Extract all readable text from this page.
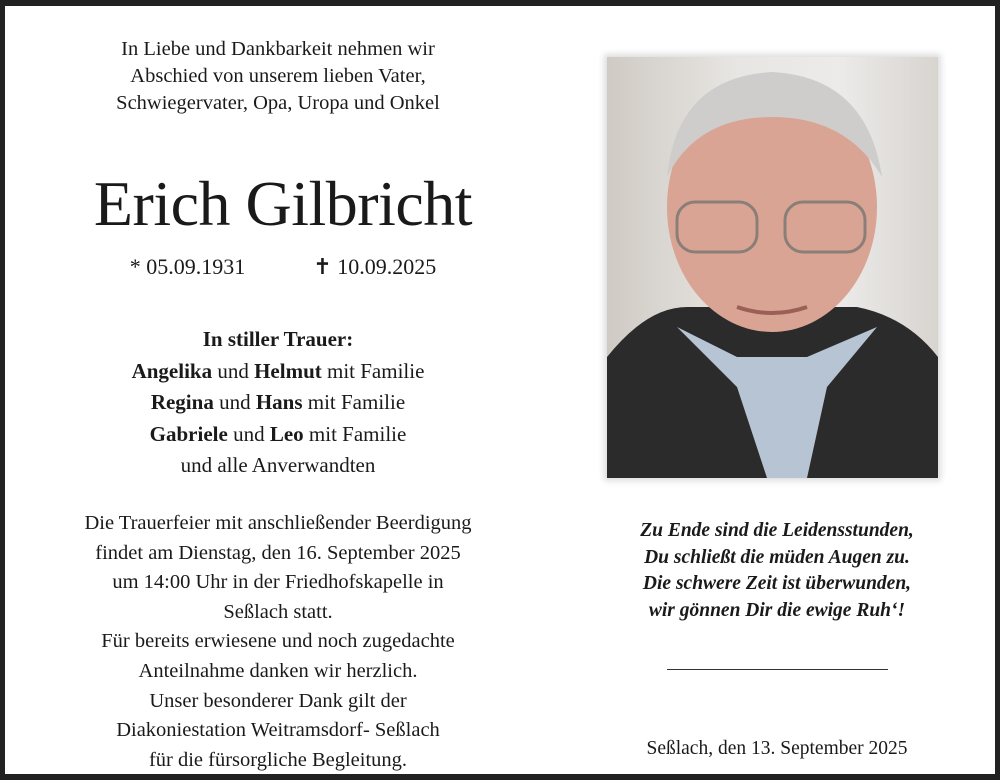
In Liebe und Dankbarkeit nehmen wir
Abschied von unserem lieben Vater,
Schwiegervater, Opa, Uropa und Onkel
Erich Gilbricht
* 05.09.1931	✝ 10.09.2025
In stiller Trauer:
Angelika und Helmut mit Familie
Regina und Hans mit Familie
Gabriele und Leo mit Familie
und alle Anverwandten
Die Trauerfeier mit anschließender Beerdigung
findet am Dienstag, den 16. September 2025
um 14:00 Uhr in der Friedhofskapelle in
Seßlach statt.
Für bereits erwiesene und noch zugedachte
Anteilnahme danken wir herzlich.
Unser besonderer Dank gilt der
Diakoniestation Weitramsdorf- Seßlach
für die fürsorgliche Begleitung.
Zu Ende sind die Leidensstunden,
Du schließt die müden Augen zu.
Die schwere Zeit ist überwunden,
wir gönnen Dir die ewige Ruh‘!
Seßlach, den 13. September 2025
